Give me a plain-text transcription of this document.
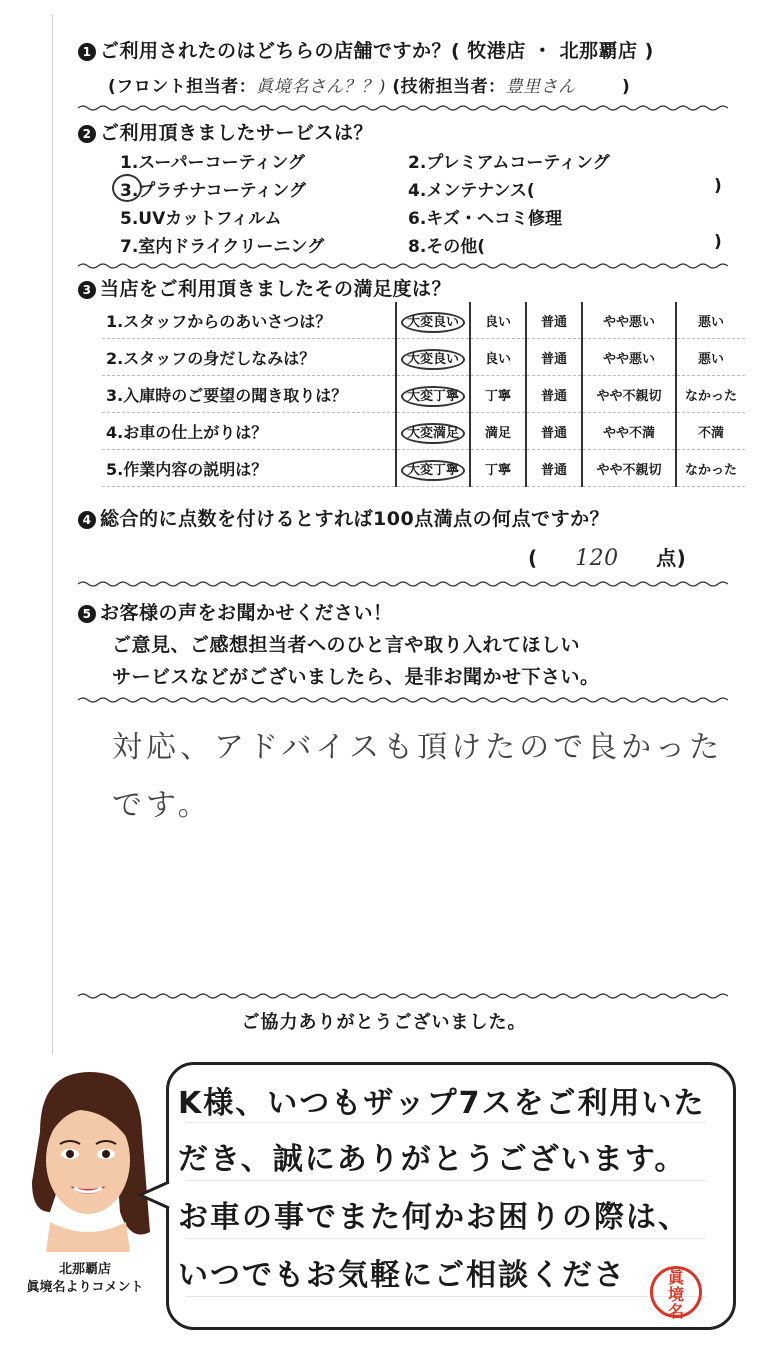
1 ご利用されたのはどちらの店舗ですか？( 牧港店 ・ 北那覇店 )
(フロント担当者：眞境名さん？？) (技術担当者：豊里さん	)
2 ご利用頂きましたサービスは？
1.スーパーコーティング	2.プレミアムコーティング
3.プラチナコーティング	4.メンテナンス(	)
5.UVカットフィルム	6.キズ・ヘコミ修理
7.室内ドライクリーニング	8.その他(	)
3 当店をご利用頂きましたその満足度は？
1.スタッフからのあいさつは？	大変良い	良い	普通	やや悪い	悪い
2.スタッフの身だしなみは？	大変良い	良い	普通	やや悪い	悪い
3.入庫時のご要望の聞き取りは？	大変丁寧	丁寧	普通	やや不親切	なかった
4.お車の仕上がりは？	大変満足	満足	普通	やや不満	不満
5.作業内容の説明は？	大変丁寧	丁寧	普通	やや不親切	なかった
4 総合的に点数を付けるとすれば100点満点の何点ですか？
( 120 点)
5 お客様の声をお聞かせください！
ご意見、ご感想担当者へのひと言や取り入れてほしい
サービスなどがございましたら、是非お聞かせ下さい。
対応、アドバイスも頂けたので良かった
です。
ご協力ありがとうございました。
北那覇店
眞境名よりコメント
K様、いつもザップ7スをご利用いた
だき、誠にありがとうございます。
お車の事でまた何かお困りの際は、
いつでもお気軽にご相談くださ	眞境名
